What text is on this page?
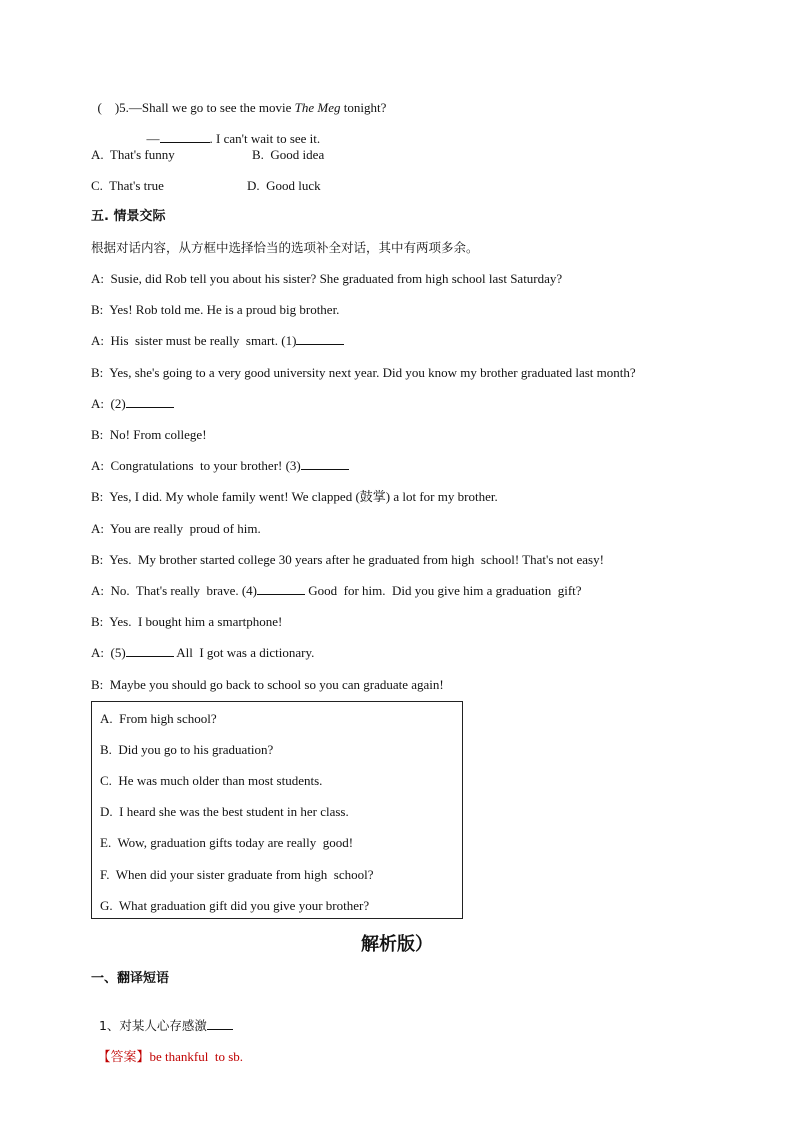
(    )5.—Shall we go to see the movie The Meg tonight?

—	. I can't wait to see it.

A.  That's funny	B.  Good idea
C.  That's true	D.  Good luck
五. 情景交际
根据对话内容，从方框中选择恰当的选项补全对话，其中有两项多余。
A:  Susie, did Rob tell you about his sister? She graduated from high school last Saturday?
B:  Yes! Rob told me. He is a proud big brother.
A:  His  sister must be really  smart. (1)
B:  Yes, she's going to a very good university next year. Did you know my brother graduated last month?
A:  (2)
B:  No! From college!
A:  Congratulations  to your brother! (3)
B:  Yes, I did. My whole family went! We clapped (鼓掌) a lot for my brother.
A:  You are really  proud of him.
B:  Yes.  My brother started college 30 years after he graduated from high  school! That's not easy!
A:  No.  That's really  brave. (4)	Good  for him.  Did you give him a graduation  gift?
B:  Yes.  I bought him a smartphone!
A:  (5)	All  I got was a dictionary.
B:  Maybe you should go back to school so you can graduate again!
A.  From high school?
B.  Did you go to his graduation?
C.  He was much older than most students.
D.  I heard she was the best student in her class.
E.  Wow, graduation gifts today are really  good!
F.  When did your sister graduate from high  school?
G.  What graduation gift did you give your brother?
解析版）
一、翻译短语

1、对某人心存感激

【答案】be thankful  to sb.
